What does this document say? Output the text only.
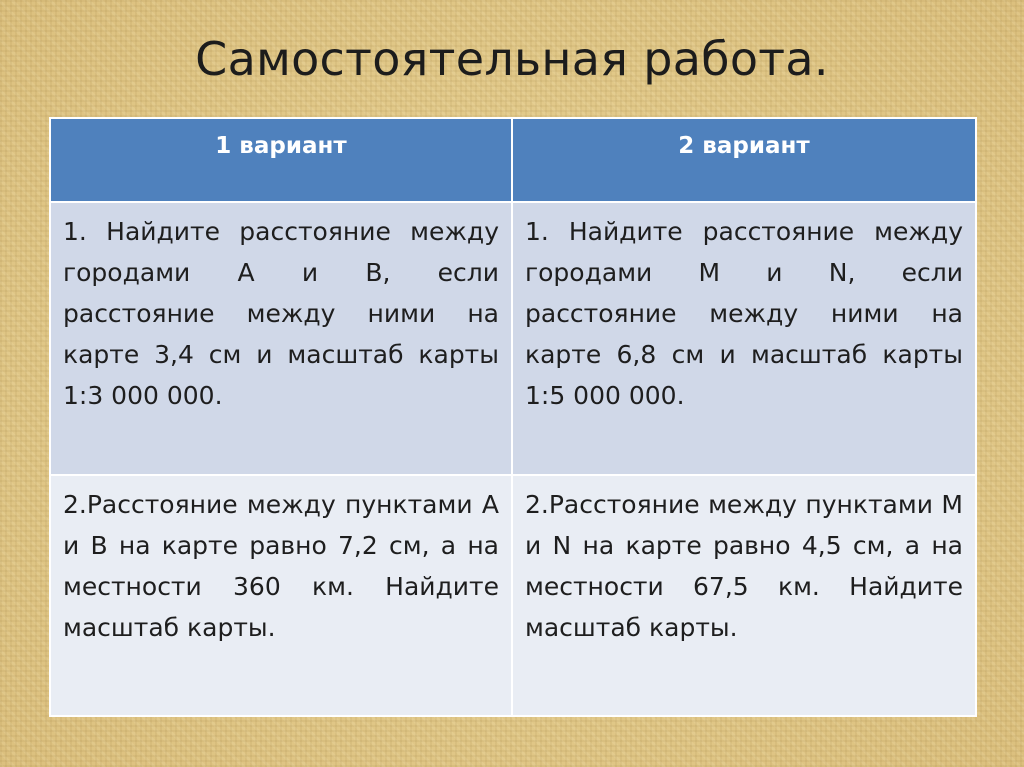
Самостоятельная работа.
1 вариант	2 вариант
1. Найдите расстояние между городами А и В, если расстояние между ними на карте 3,4 см и масштаб карты 1:3 000 000.	1. Найдите расстояние между городами M и N, если расстояние между ними на карте 6,8 см и масштаб карты 1:5 000 000.
2.Расстояние между пунктами А и В на карте равно 7,2 см, а на местности 360 км. Найдите масштаб карты.	2.Расстояние между пунктами M и N на карте равно 4,5 см, а на местности 67,5 км. Найдите масштаб карты.
